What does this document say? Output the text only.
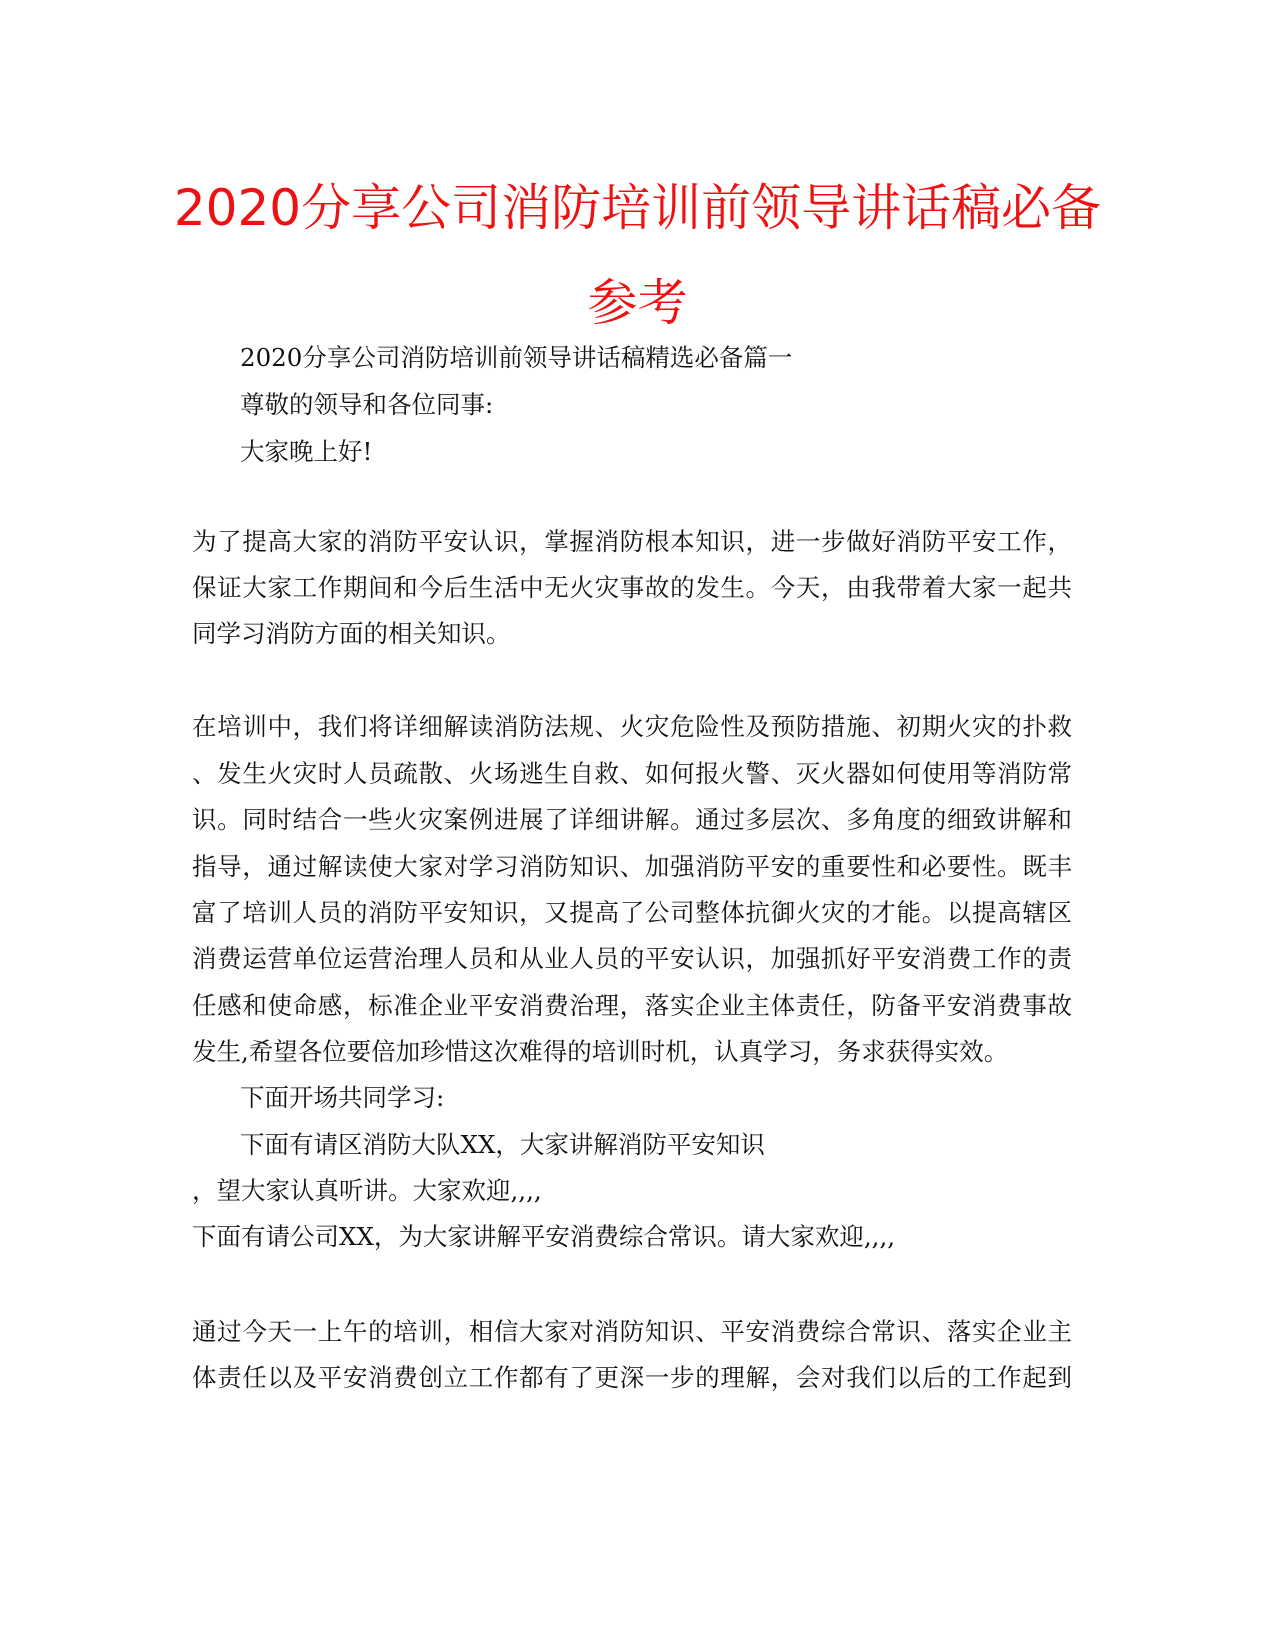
2020分享公司消防培训前领导讲话稿必备
参考

2020分享公司消防培训前领导讲话稿精选必备篇一

尊敬的领导和各位同事:

大家晚上好!

为了提高大家的消防平安认识，掌握消防根本知识，进一步做好消防平安工作，

保证大家工作期间和今后生活中无火灾事故的发生。今天，由我带着大家一起共

同学习消防方面的相关知识。

在培训中，我们将详细解读消防法规、火灾危险性及预防措施、初期火灾的扑救

、发生火灾时人员疏散、火场逃生自救、如何报火警、灭火器如何使用等消防常

识。同时结合一些火灾案例进展了详细讲解。通过多层次、多角度的细致讲解和

指导，通过解读使大家对学习消防知识、加强消防平安的重要性和必要性。既丰

富了培训人员的消防平安知识，又提高了公司整体抗御火灾的才能。以提高辖区

消费运营单位运营治理人员和从业人员的平安认识，加强抓好平安消费工作的责

任感和使命感，标准企业平安消费治理，落实企业主体责任，防备平安消费事故

发生,希望各位要倍加珍惜这次难得的培训时机，认真学习，务求获得实效。

下面开场共同学习:

下面有请区消防大队XX，大家讲解消防平安知识

，望大家认真听讲。大家欢迎,,,,

下面有请公司XX，为大家讲解平安消费综合常识。请大家欢迎,,,,

通过今天一上午的培训，相信大家对消防知识、平安消费综合常识、落实企业主

体责任以及平安消费创立工作都有了更深一步的理解，会对我们以后的工作起到
